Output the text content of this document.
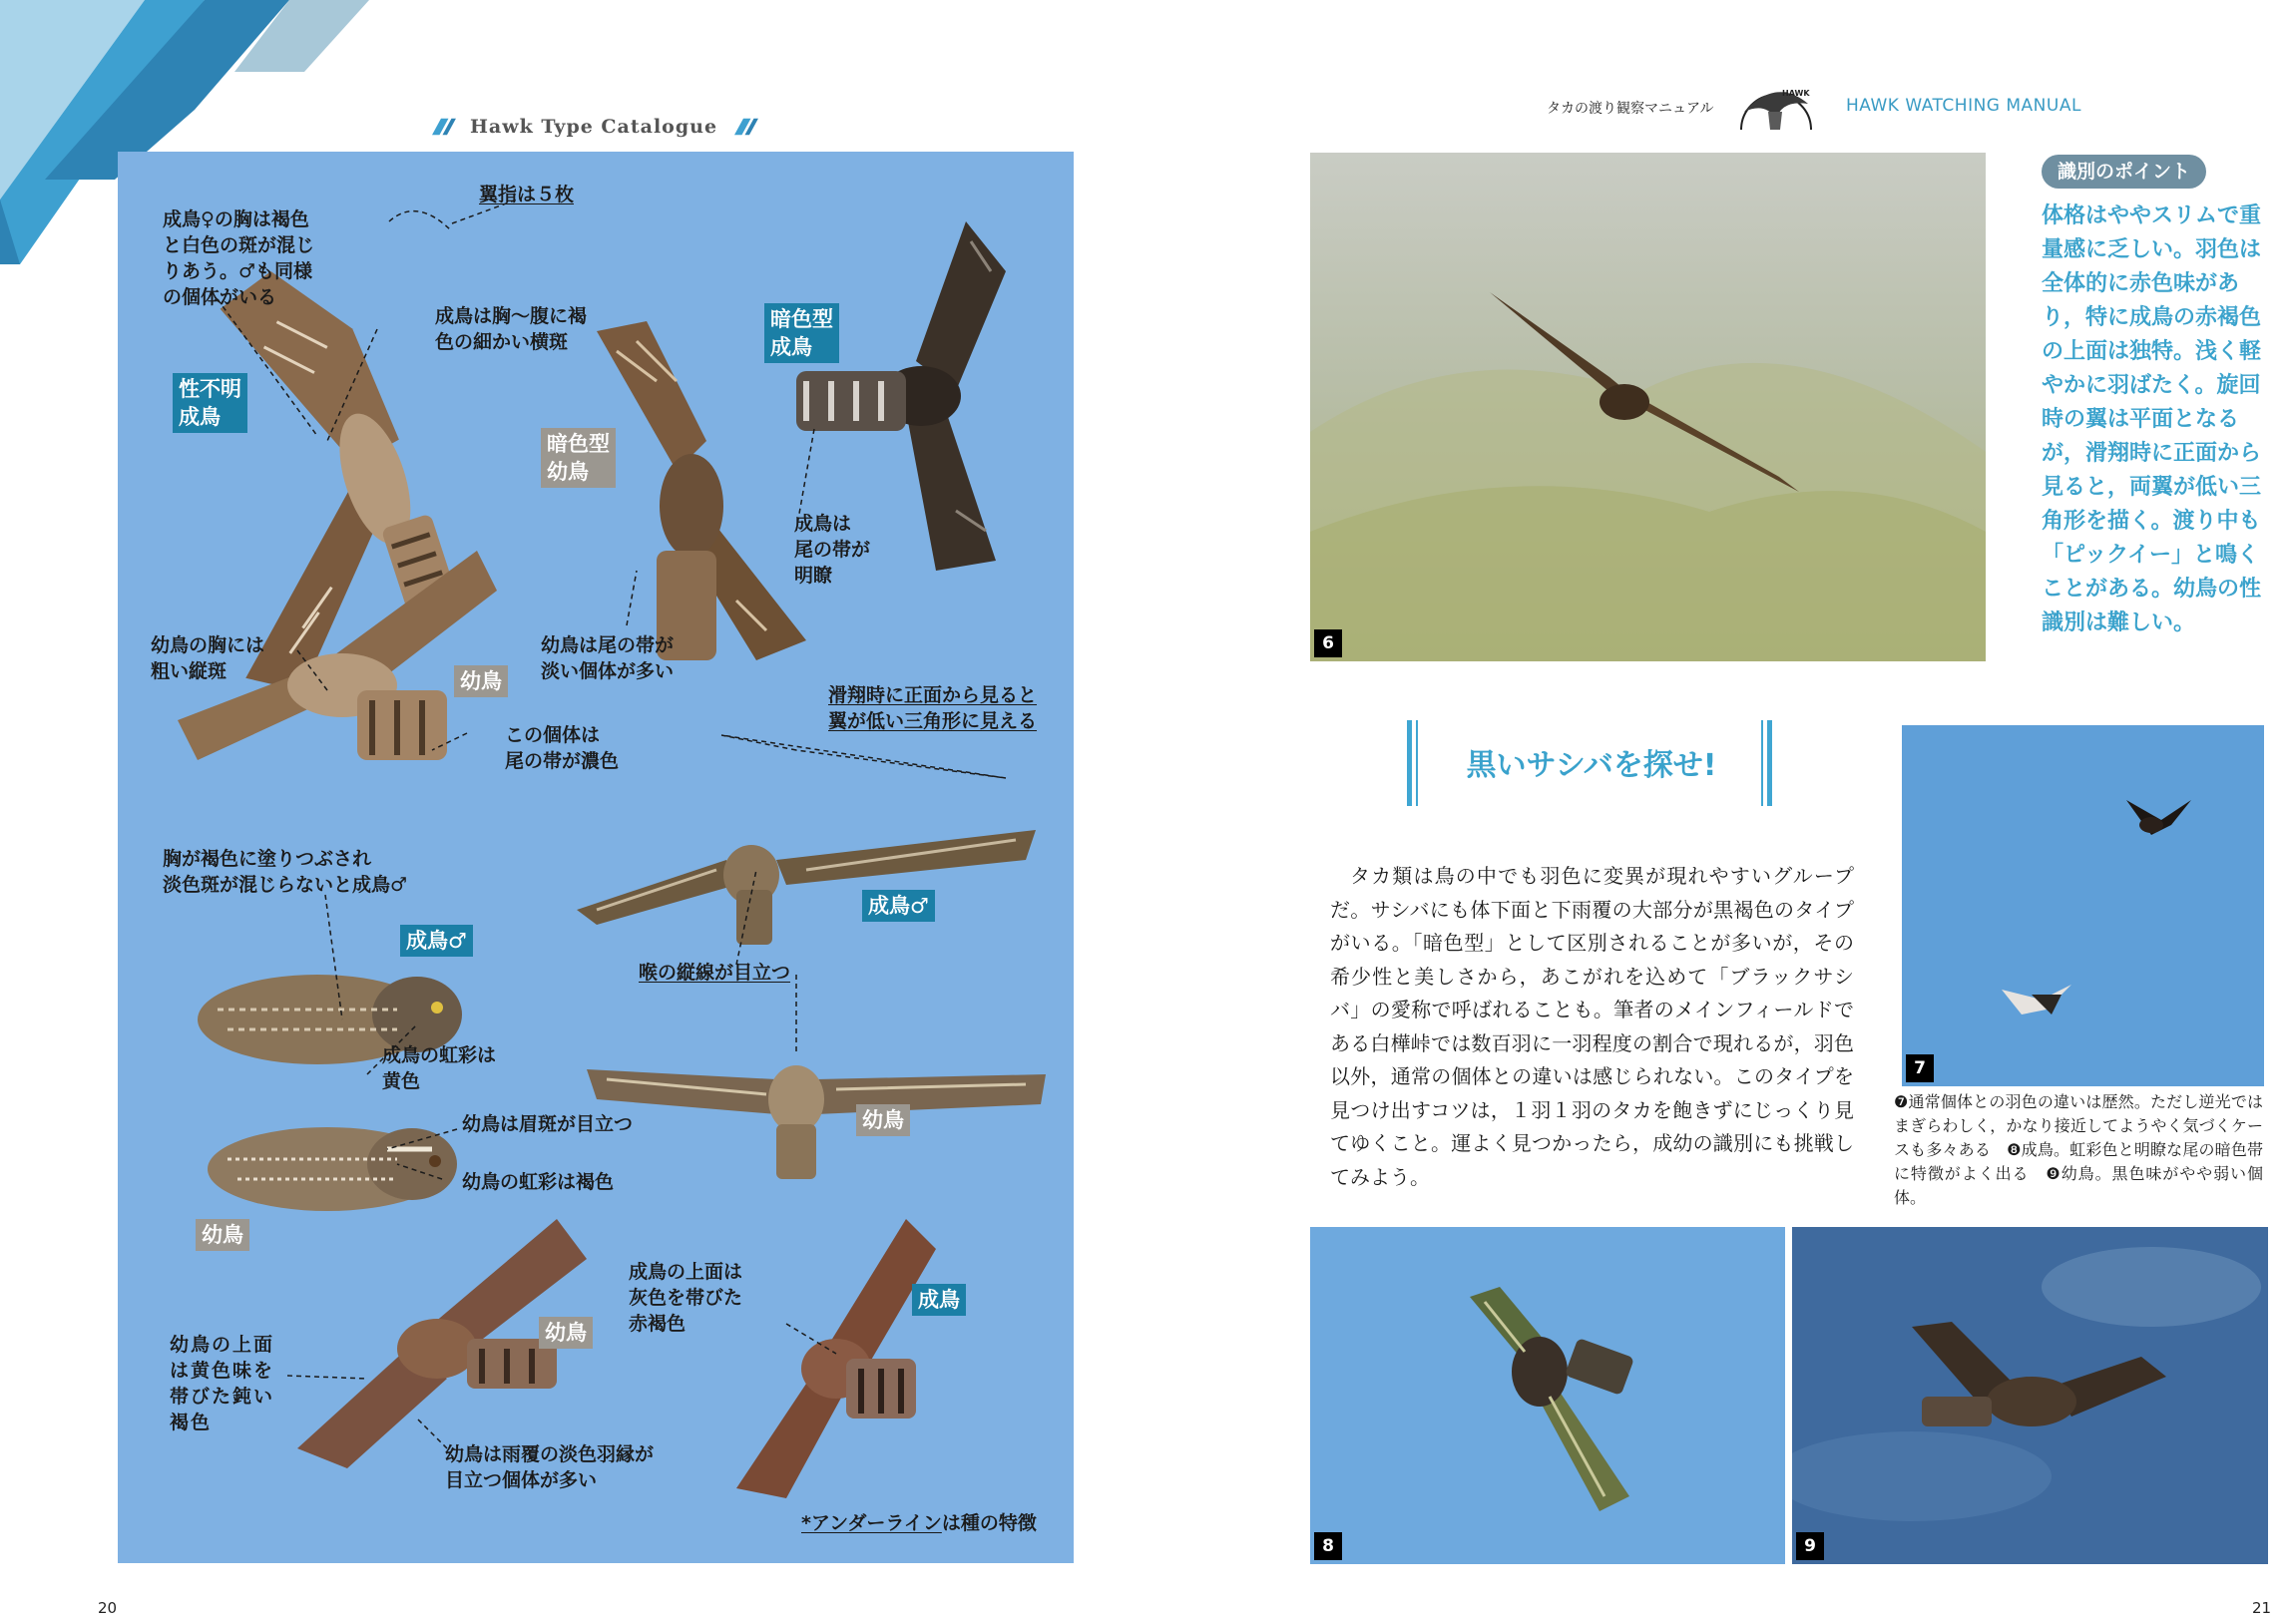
Hawk Type Catalogue
成鳥♀の胸は褐色
と白色の斑が混じ
りあう。♂も同様
の個体がいる
翼指は５枚
成鳥は胸〜腹に褐
色の細かい横斑
成鳥は
尾の帯が
明瞭
幼鳥の胸には
粗い縦斑
幼鳥は尾の帯が
淡い個体が多い
滑翔時に正面から見ると
翼が低い三角形に見える
この個体は
尾の帯が濃色
胸が褐色に塗りつぶされ
淡色斑が混じらないと成鳥♂
喉の縦線が目立つ
成鳥の虹彩は
黄色
幼鳥は眉斑が目立つ
幼鳥の虹彩は褐色
成鳥の上面は
灰色を帯びた
赤褐色
幼鳥の上面
は黄色味を
帯びた鈍い
褐色
幼鳥は雨覆の淡色羽縁が
目立つ個体が多い
性不明
成鳥
暗色型
幼鳥
暗色型
成鳥
幼鳥
成鳥♂
成鳥♂
幼鳥
幼鳥
幼鳥
成鳥
*アンダーラインは種の特徴
20
タカの渡り観察マニュアル
HAWK
HAWK WATCHING MANUAL
6
識別のポイント
体格はややスリムで重量感に乏しい。羽色は全体的に赤色味があり，特に成鳥の赤褐色の上面は独特。浅く軽やかに羽ばたく。旋回時の翼は平面となるが，滑翔時に正面から見ると，両翼が低い三角形を描く。渡り中も「ピックイー」と鳴くことがある。幼鳥の性識別は難しい。
黒いサシバを探せ!
タカ類は鳥の中でも羽色に変異が現れやすいグループだ。サシバにも体下面と下雨覆の大部分が黒褐色のタイプがいる。「暗色型」として区別されることが多いが，その希少性と美しさから，あこがれを込めて「ブラックサシバ」の愛称で呼ばれることも。筆者のメインフィールドである白樺峠では数百羽に一羽程度の割合で現れるが，羽色以外，通常の個体との違いは感じられない。このタイプを見つけ出すコツは，１羽１羽のタカを飽きずにじっくり見てゆくこと。運よく見つかったら，成幼の識別にも挑戦してみよう。
7
❼通常個体との羽色の違いは歴然。ただし逆光ではまぎらわしく，かなり接近してようやく気づくケースも多々ある　❽成鳥。虹彩色と明瞭な尾の暗色帯に特徴がよく出る　❾幼鳥。黒色味がやや弱い個体。
8	9
21
